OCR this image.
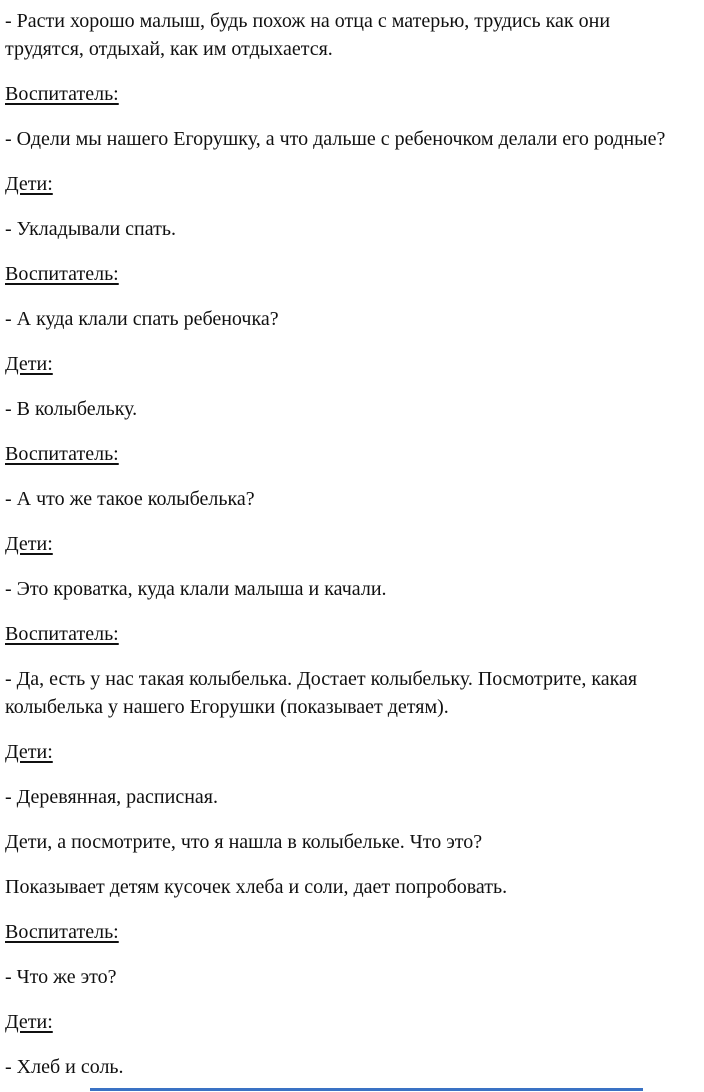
- Расти хорошо малыш, будь похож на отца с матерью, трудись как они
трудятся, отдыхай, как им отдыхается.

Воспитатель:

- Одели мы нашего Егорушку, а что дальше с ребеночком делали его родные?

Дети:

- Укладывали спать.

Воспитатель:

- А куда клали спать ребеночка?

Дети:

- В колыбельку.

Воспитатель:

- А что же такое колыбелька?

Дети:

- Это кроватка, куда клали малыша и качали.

Воспитатель:

- Да, есть у нас такая колыбелька. Достает колыбельку. Посмотрите, какая
колыбелька у нашего Егорушки (показывает детям).

Дети:

- Деревянная, расписная.

Дети, а посмотрите, что я нашла в колыбельке. Что это?

Показывает детям кусочек хлеба и соли, дает попробовать.

Воспитатель:

- Что же это?

Дети:

- Хлеб и соль.
